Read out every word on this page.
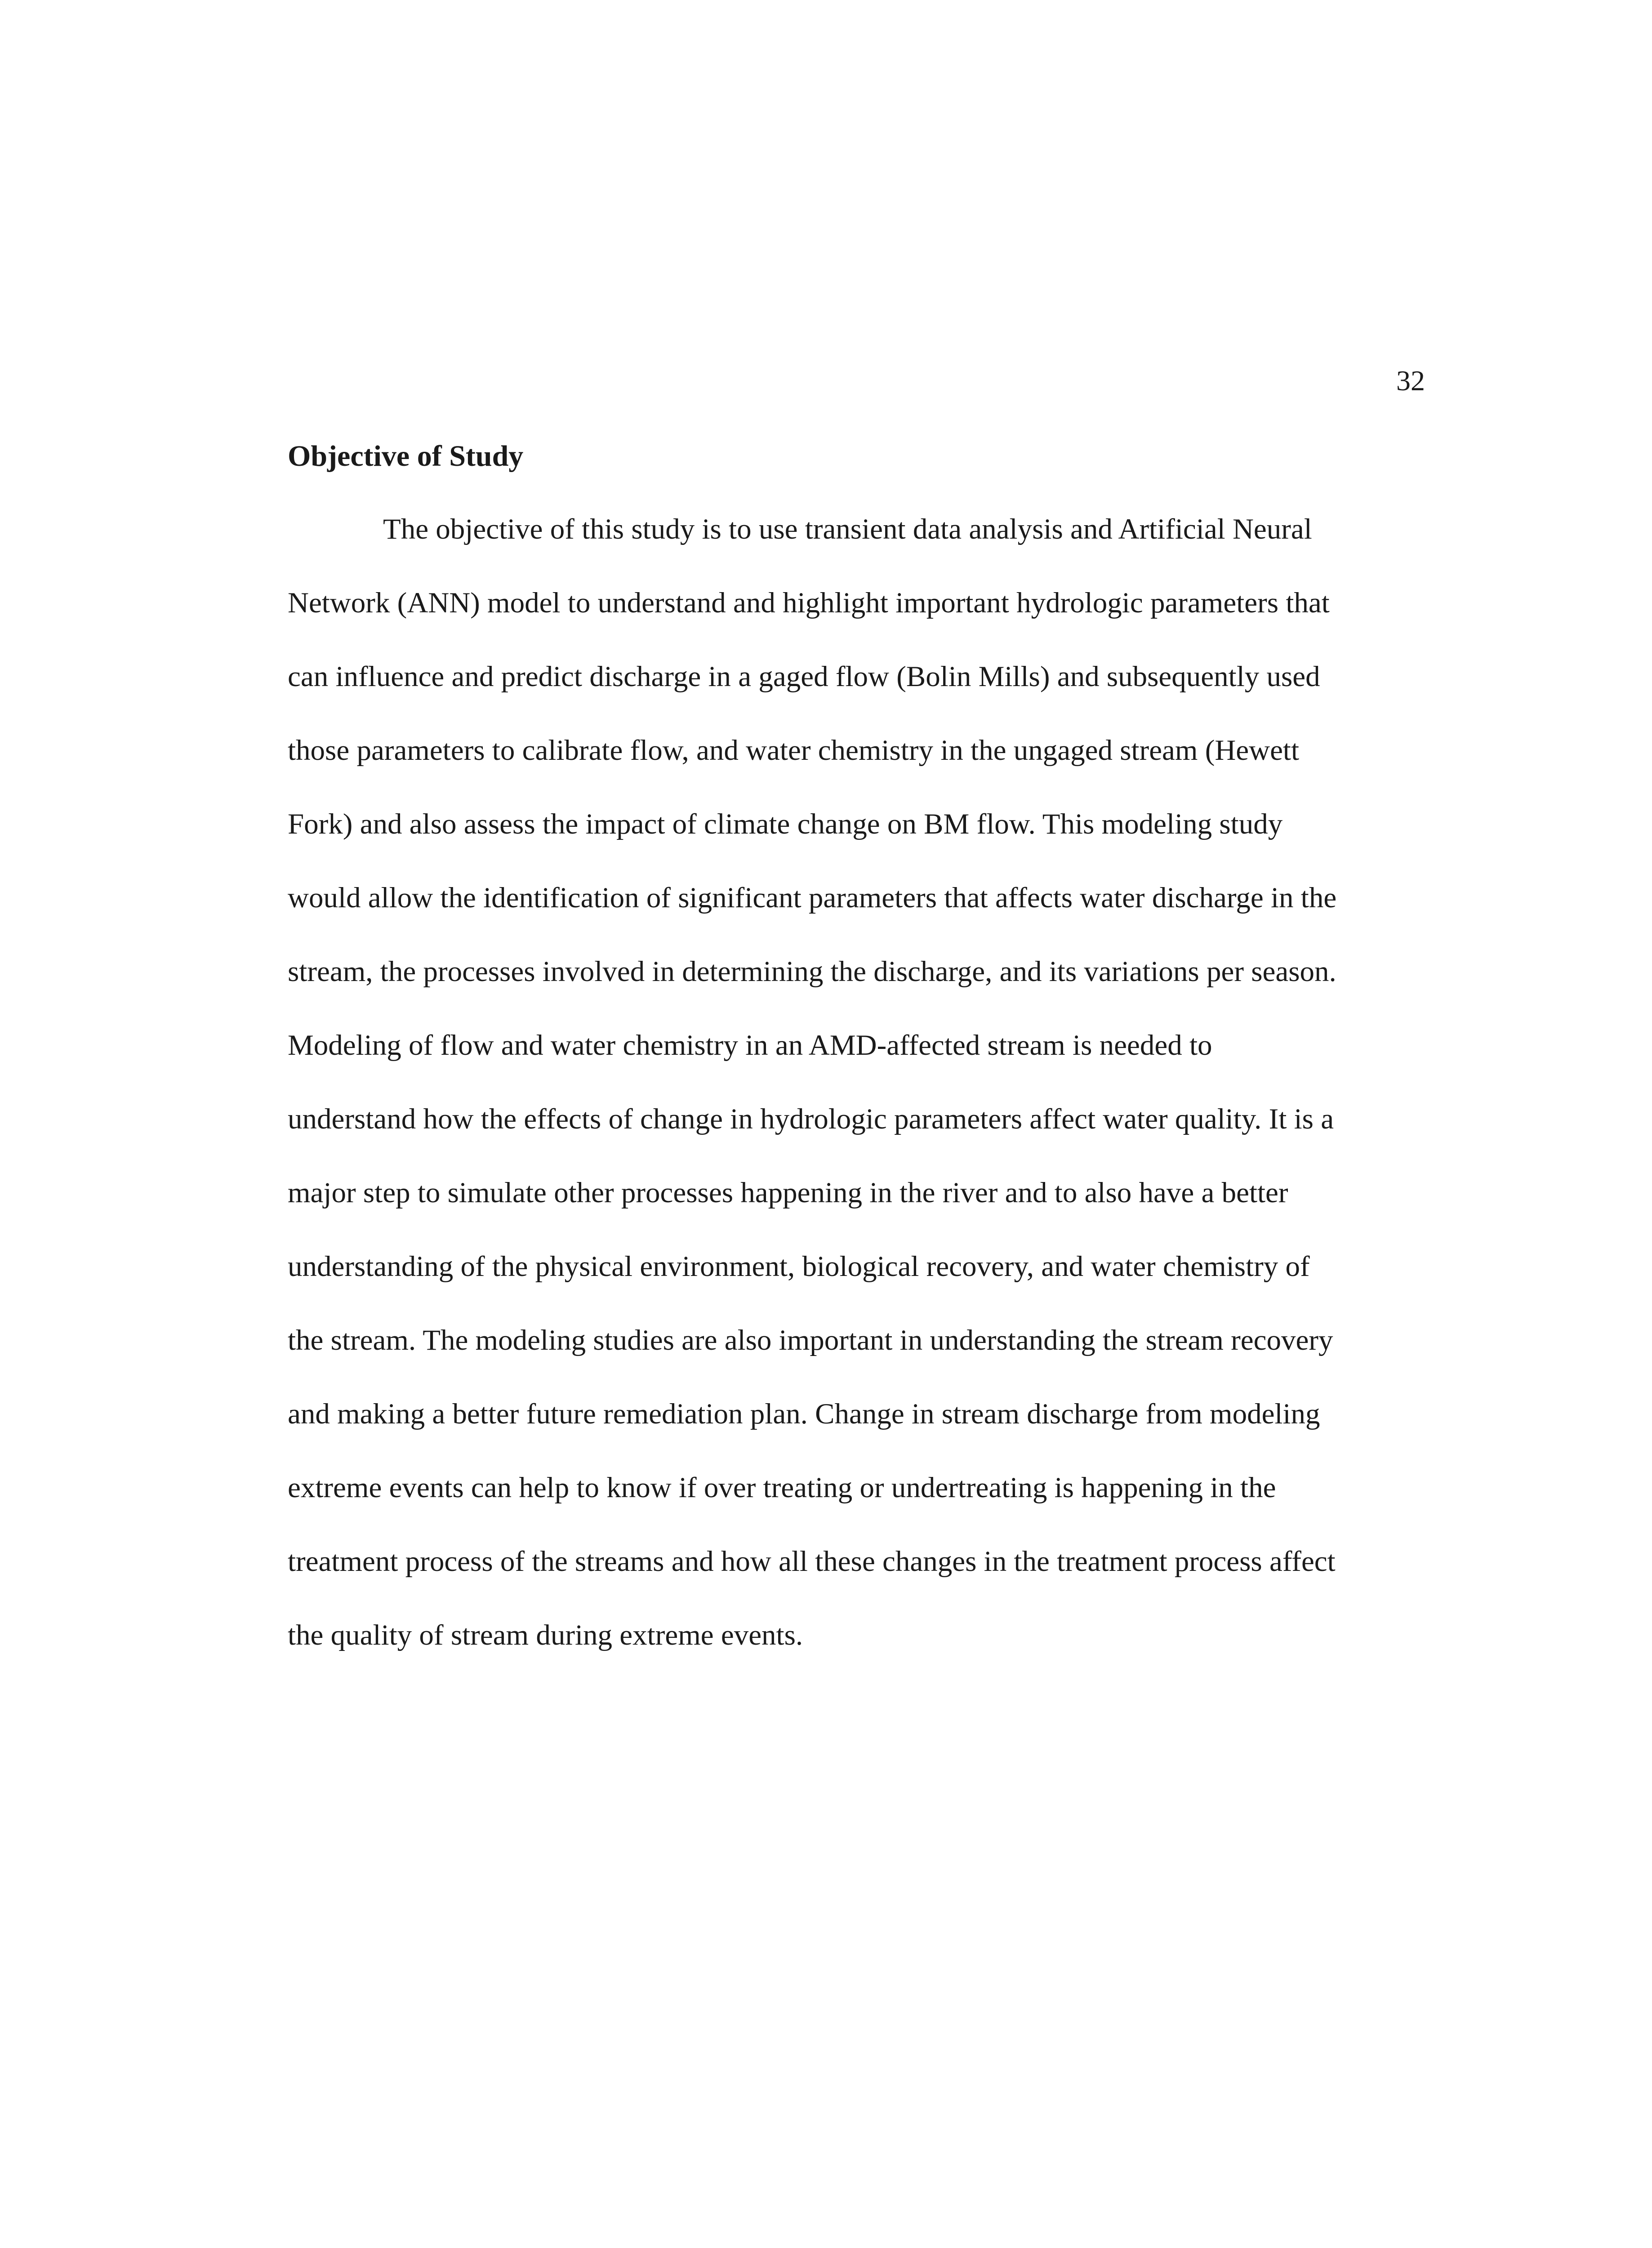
32

Objective of Study

The objective of this study is to use transient data analysis and Artificial Neural

Network (ANN) model to understand and highlight important hydrologic parameters that

can influence and predict discharge in a gaged flow (Bolin Mills) and subsequently used

those parameters to calibrate flow, and water chemistry in the ungaged stream (Hewett

Fork) and also assess the impact of climate change on BM flow. This modeling study

would allow the identification of significant parameters that affects water discharge in the

stream, the processes involved in determining the discharge, and its variations per season.

Modeling of flow and water chemistry in an AMD-affected stream is needed to

understand how the effects of change in hydrologic parameters affect water quality. It is a

major step to simulate other processes happening in the river and to also have a better

understanding of the physical environment, biological recovery, and water chemistry of

the stream. The modeling studies are also important in understanding the stream recovery

and making a better future remediation plan. Change in stream discharge from modeling

extreme events can help to know if over treating or undertreating is happening in the

treatment process of the streams and how all these changes in the treatment process affect

the quality of stream during extreme events.
